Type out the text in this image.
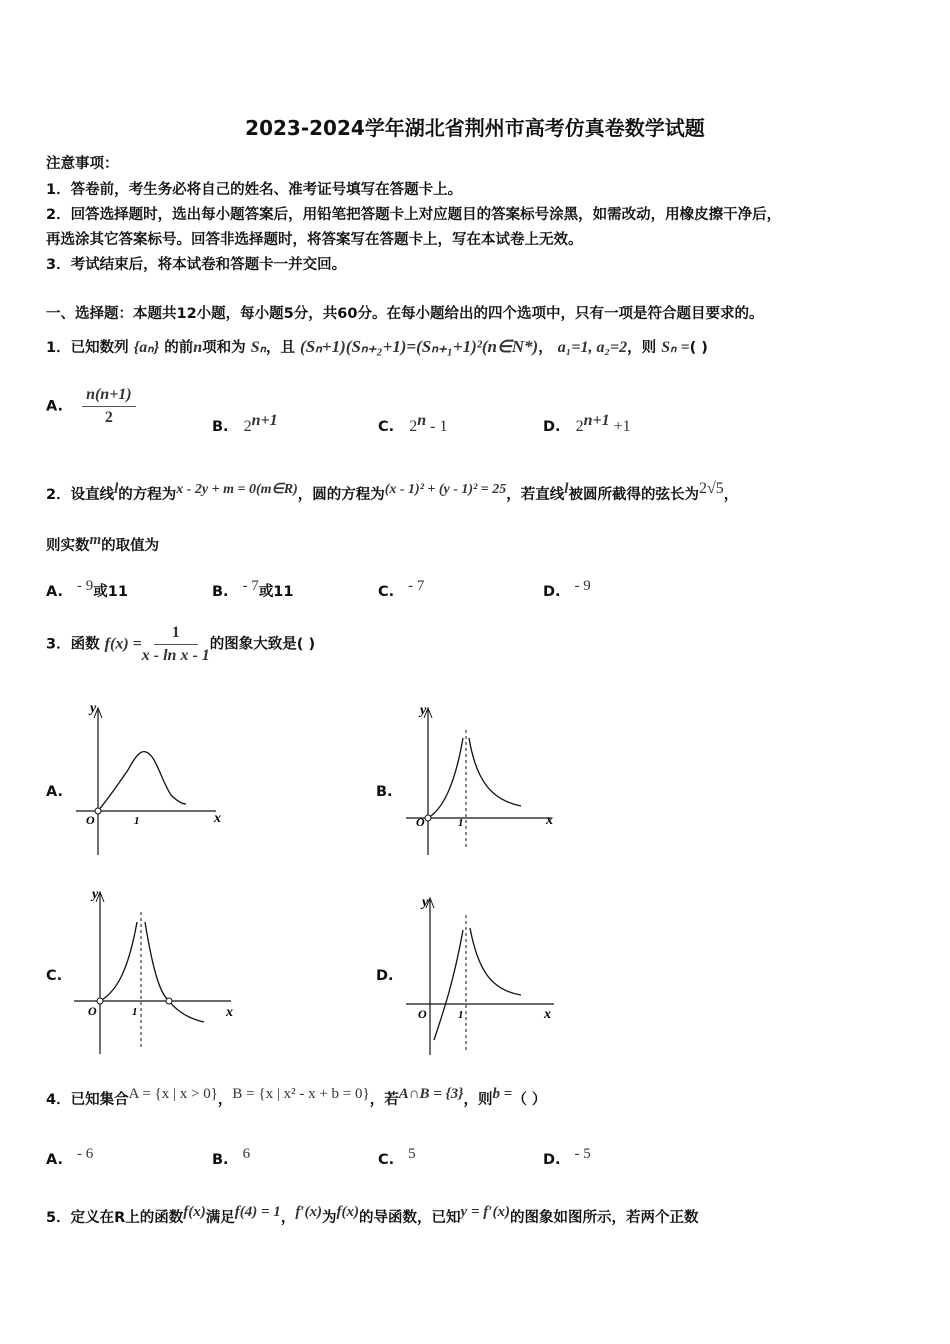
2023-2024学年湖北省荆州市高考仿真卷数学试题
注意事项：
1．答卷前，考生务必将自己的姓名、准考证号填写在答题卡上。
2．回答选择题时，选出每小题答案后，用铅笔把答题卡上对应题目的答案标号涂黑，如需改动，用橡皮擦干净后，
再选涂其它答案标号。回答非选择题时，将答案写在答题卡上，写在本试卷上无效。
3．考试结束后，将本试卷和答题卡一并交回。
一、选择题：本题共12小题，每小题5分，共60分。在每小题给出的四个选项中，只有一项是符合题目要求的。
1．已知数列 {aₙ} 的前n项和为 Sₙ，且 (Sₙ+1)(Sₙ₊₂+1)=(Sₙ₊₁+1)²(n∈N*)， a₁=1, a₂=2，则 Sₙ =( )
A. $\frac{n(n+1)}{2}$	B. $2^{n+1}$	C. 2$^n$ - 1	D. $2^{n+1} +1$
2．设直线$^l$的方程为$^{x - 2y + m = 0(m\in R)}$，圆的方程为$^{(x - 1)^2 + (y - 1)^2 = 25}$，若直线$^l$被圆所截得的弦长为$^{2√5}$，
则实数$^m$的取值为
A. $^{- 9}$或11	B. $^{- 7}$或11	C. $^{- 7}$	D. $^{- 9}$
3．函数 $f(x) = \frac{1}{\text{x - ln x - 1}}$ 的图象大致是( )
A.
y
x
O	1
B.
y
x
O	1
C.
y
x
O	1
D.
y
x
O	1
4．已知集合$^{A = \{x | x > 0\}}$，$^{B = \{x | x^2 - x + b = 0\}}$，若$^{A\cap B = \{3\}}$，则$^{b =}$（ ）
A. $^{- 6}$	B. $^6$	C. $^5$	D. $^{- 5}$
5．定义在R上的函数$^{f(x)}$满足$^{f(4) = 1}$，$^{f'(x)}$为$^{f(x)}$的导函数，已知$^{y = f'(x)}$的图象如图所示，若两个正数
